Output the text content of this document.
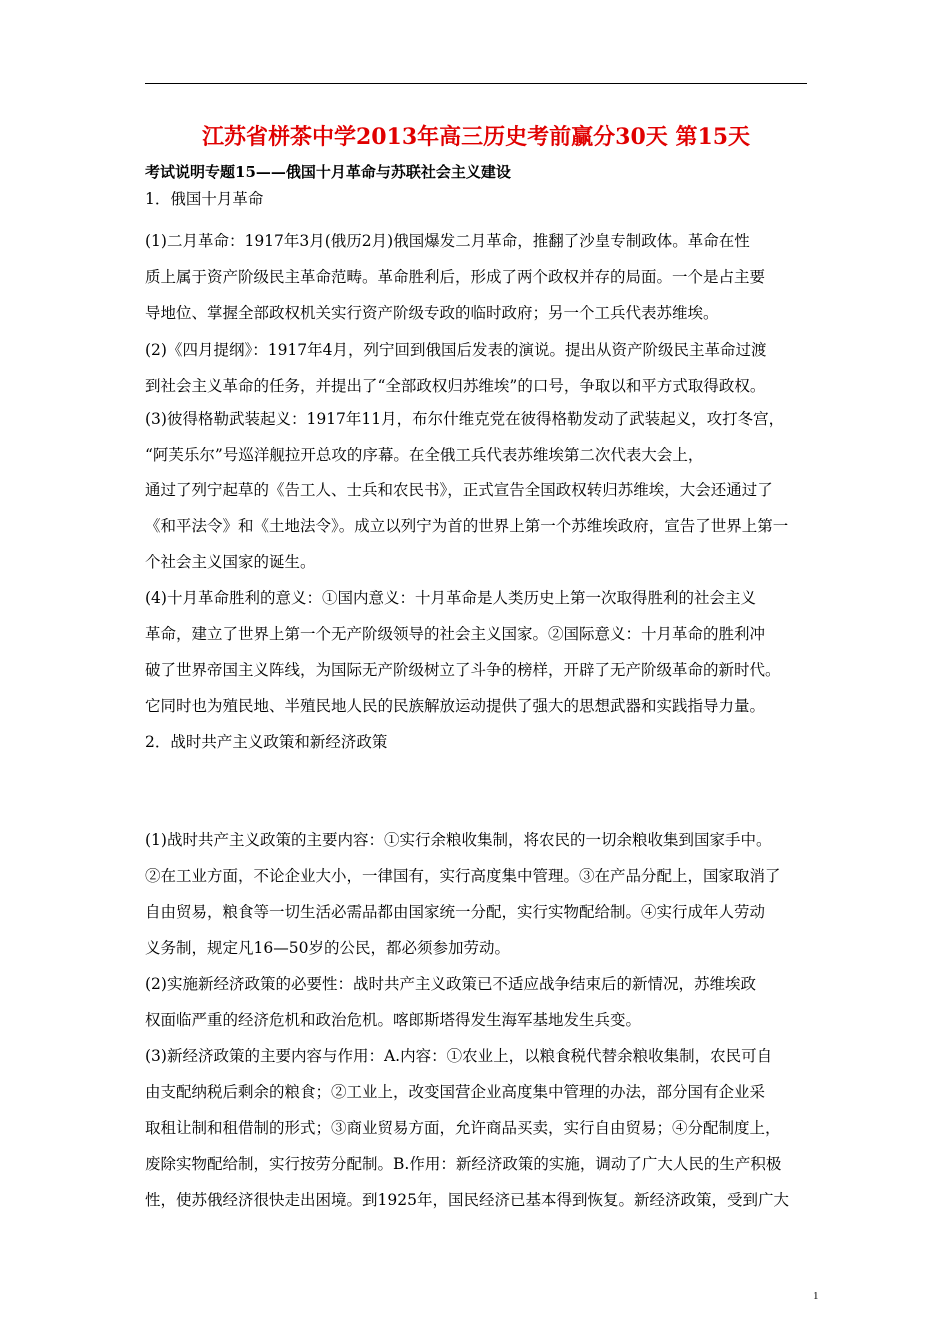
江苏省栟茶中学2013年高三历史考前赢分30天 第15天
考试说明专题15——俄国十月革命与苏联社会主义建设
1．俄国十月革命
(1)二月革命：1917年3月(俄历2月)俄国爆发二月革命，推翻了沙皇专制政体。革命在性
质上属于资产阶级民主革命范畴。革命胜利后，形成了两个政权并存的局面。一个是占主要
导地位、掌握全部政权机关实行资产阶级专政的临时政府；另一个工兵代表苏维埃。
(2)《四月提纲》：1917年4月，列宁回到俄国后发表的演说。提出从资产阶级民主革命过渡
到社会主义革命的任务，并提出了“全部政权归苏维埃”的口号，争取以和平方式取得政权。
(3)彼得格勒武装起义：1917年11月，布尔什维克党在彼得格勒发动了武装起义，攻打冬宫，
“阿芙乐尔”号巡洋舰拉开总攻的序幕。在全俄工兵代表苏维埃第二次代表大会上，
通过了列宁起草的《告工人、士兵和农民书》，正式宣告全国政权转归苏维埃，大会还通过了
《和平法令》和《土地法令》。成立以列宁为首的世界上第一个苏维埃政府，宣告了世界上第一
个社会主义国家的诞生。
(4)十月革命胜利的意义：①国内意义：十月革命是人类历史上第一次取得胜利的社会主义
革命，建立了世界上第一个无产阶级领导的社会主义国家。②国际意义：十月革命的胜利冲
破了世界帝国主义阵线，为国际无产阶级树立了斗争的榜样，开辟了无产阶级革命的新时代。
它同时也为殖民地、半殖民地人民的民族解放运动提供了强大的思想武器和实践指导力量。
2．战时共产主义政策和新经济政策
(1)战时共产主义政策的主要内容：①实行余粮收集制，将农民的一切余粮收集到国家手中。
②在工业方面，不论企业大小，一律国有，实行高度集中管理。③在产品分配上，国家取消了
自由贸易，粮食等一切生活必需品都由国家统一分配，实行实物配给制。④实行成年人劳动
义务制，规定凡16—50岁的公民，都必须参加劳动。
(2)实施新经济政策的必要性：战时共产主义政策已不适应战争结束后的新情况，苏维埃政
权面临严重的经济危机和政治危机。喀郎斯塔得发生海军基地发生兵变。
(3)新经济政策的主要内容与作用：A.内容：①农业上，以粮食税代替余粮收集制，农民可自
由支配纳税后剩余的粮食；②工业上，改变国营企业高度集中管理的办法，部分国有企业采
取租让制和租借制的形式；③商业贸易方面，允许商品买卖，实行自由贸易；④分配制度上，
废除实物配给制，实行按劳分配制。B.作用：新经济政策的实施，调动了广大人民的生产积极
性，使苏俄经济很快走出困境。到1925年，国民经济已基本得到恢复。新经济政策，受到广大
1
